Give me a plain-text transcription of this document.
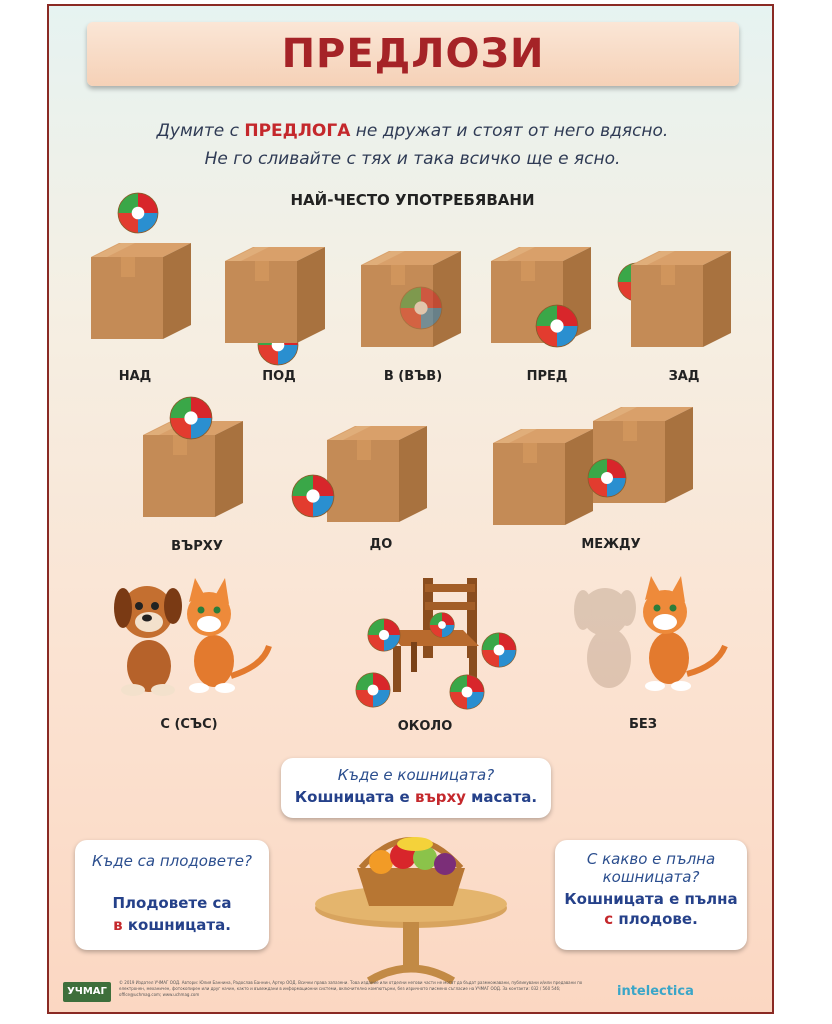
ПРЕДЛОЗИ
Думите с ПРЕДЛОГА не дружат и стоят от него вдясно.
Не го сливайте с тях и така всичко ще е ясно.
НАЙ-ЧЕСТО УПОТРЕБЯВАНИ
НАД	ПОД	В (ВЪВ)	ПРЕД	ЗАД
ВЪРХУ	ДО	МЕЖДУ
С (СЪС)	ОКОЛО	БЕЗ
Къде е кошницата?
Кошницата е върху масата.
Къде са плодовете?
Плодовете са
в кошницата.
С какво е пълна
кошницата?
Кошницата е пълна
с плодове.
УЧМАГ
© 2019 Издател УЧМАГ ООД. Автори: Юлия Баннина, Радослав Баннин, Артер ООД. Всички права запазени. Това издание или отделни негови части не могат да бъдат размножавани, публикувани и/или предавани по електронен, механичен, фотокопирен или друг начин, както и въвеждани в информационни системи, включително компютърни, без изричното писмено съгласие на УЧМАГ ООД. За контакти: 032 / 560 546; office@uchmag.com; www.uchmag.com	intelectica
